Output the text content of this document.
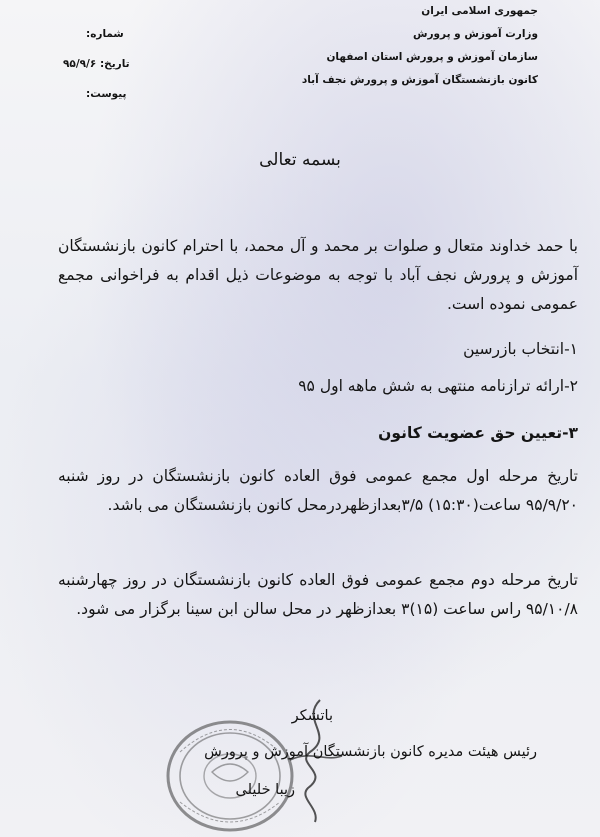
جمهوری اسلامی ایران
وزارت آموزش و پرورش
سازمان آموزش و پرورش استان اصفهان
کانون بازنشستگان آموزش و پرورش نجف آباد
شماره:
تاریخ: ۹۵/۹/۶
پیوست:
بسمه تعالی
با حمد خداوند متعال و صلوات بر محمد و آل محمد، با احترام کانون بازنشستگان آموزش و پرورش نجف آباد با توجه به موضوعات ذیل اقدام به فراخوانی مجمع عمومی نموده است.
۱-انتخاب بازرسین
۲-ارائه ترازنامه منتهی به شش ماهه اول ۹۵
۳-تعیین حق عضویت کانون
تاریخ مرحله اول مجمع عمومی فوق العاده کانون بازنشستگان در روز شنبه ۹۵/۹/۲۰ ساعت(۱۵:۳۰) ۳/۵بعدازظهردرمحل کانون بازنشستگان می باشد.
تاریخ مرحله دوم مجمع عمومی فوق العاده کانون بازنشستگان در روز چهارشنبه ۹۵/۱۰/۸ راس ساعت (۱۵)۳ بعدازظهر در محل سالن ابن سینا برگزار می شود.
باتشکر
رئیس هیئت مدیره کانون بازنشستگان آموزش و پرورش
زیبا خلیلی
